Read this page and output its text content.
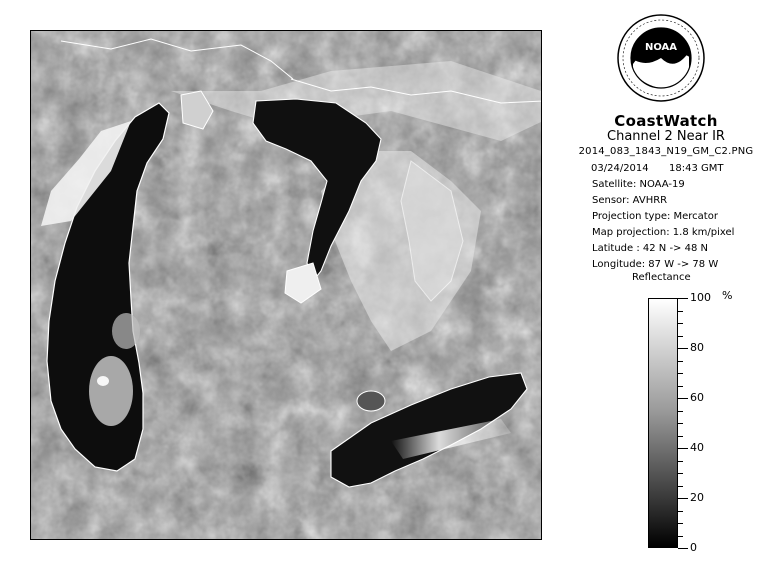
NOAA
CoastWatch
Channel 2 Near IR
2014_083_1843_N19_GM_C2.PNG
03/24/2014 18:43 GMT
Satellite: NOAA-19
Sensor: AVHRR
Projection type: Mercator
Map projection: 1.8 km/pixel
Latitude : 42 N -> 48 N
Longitude: 87 W -> 78 W
Reflectance
%
100
80
60
40
20
0
